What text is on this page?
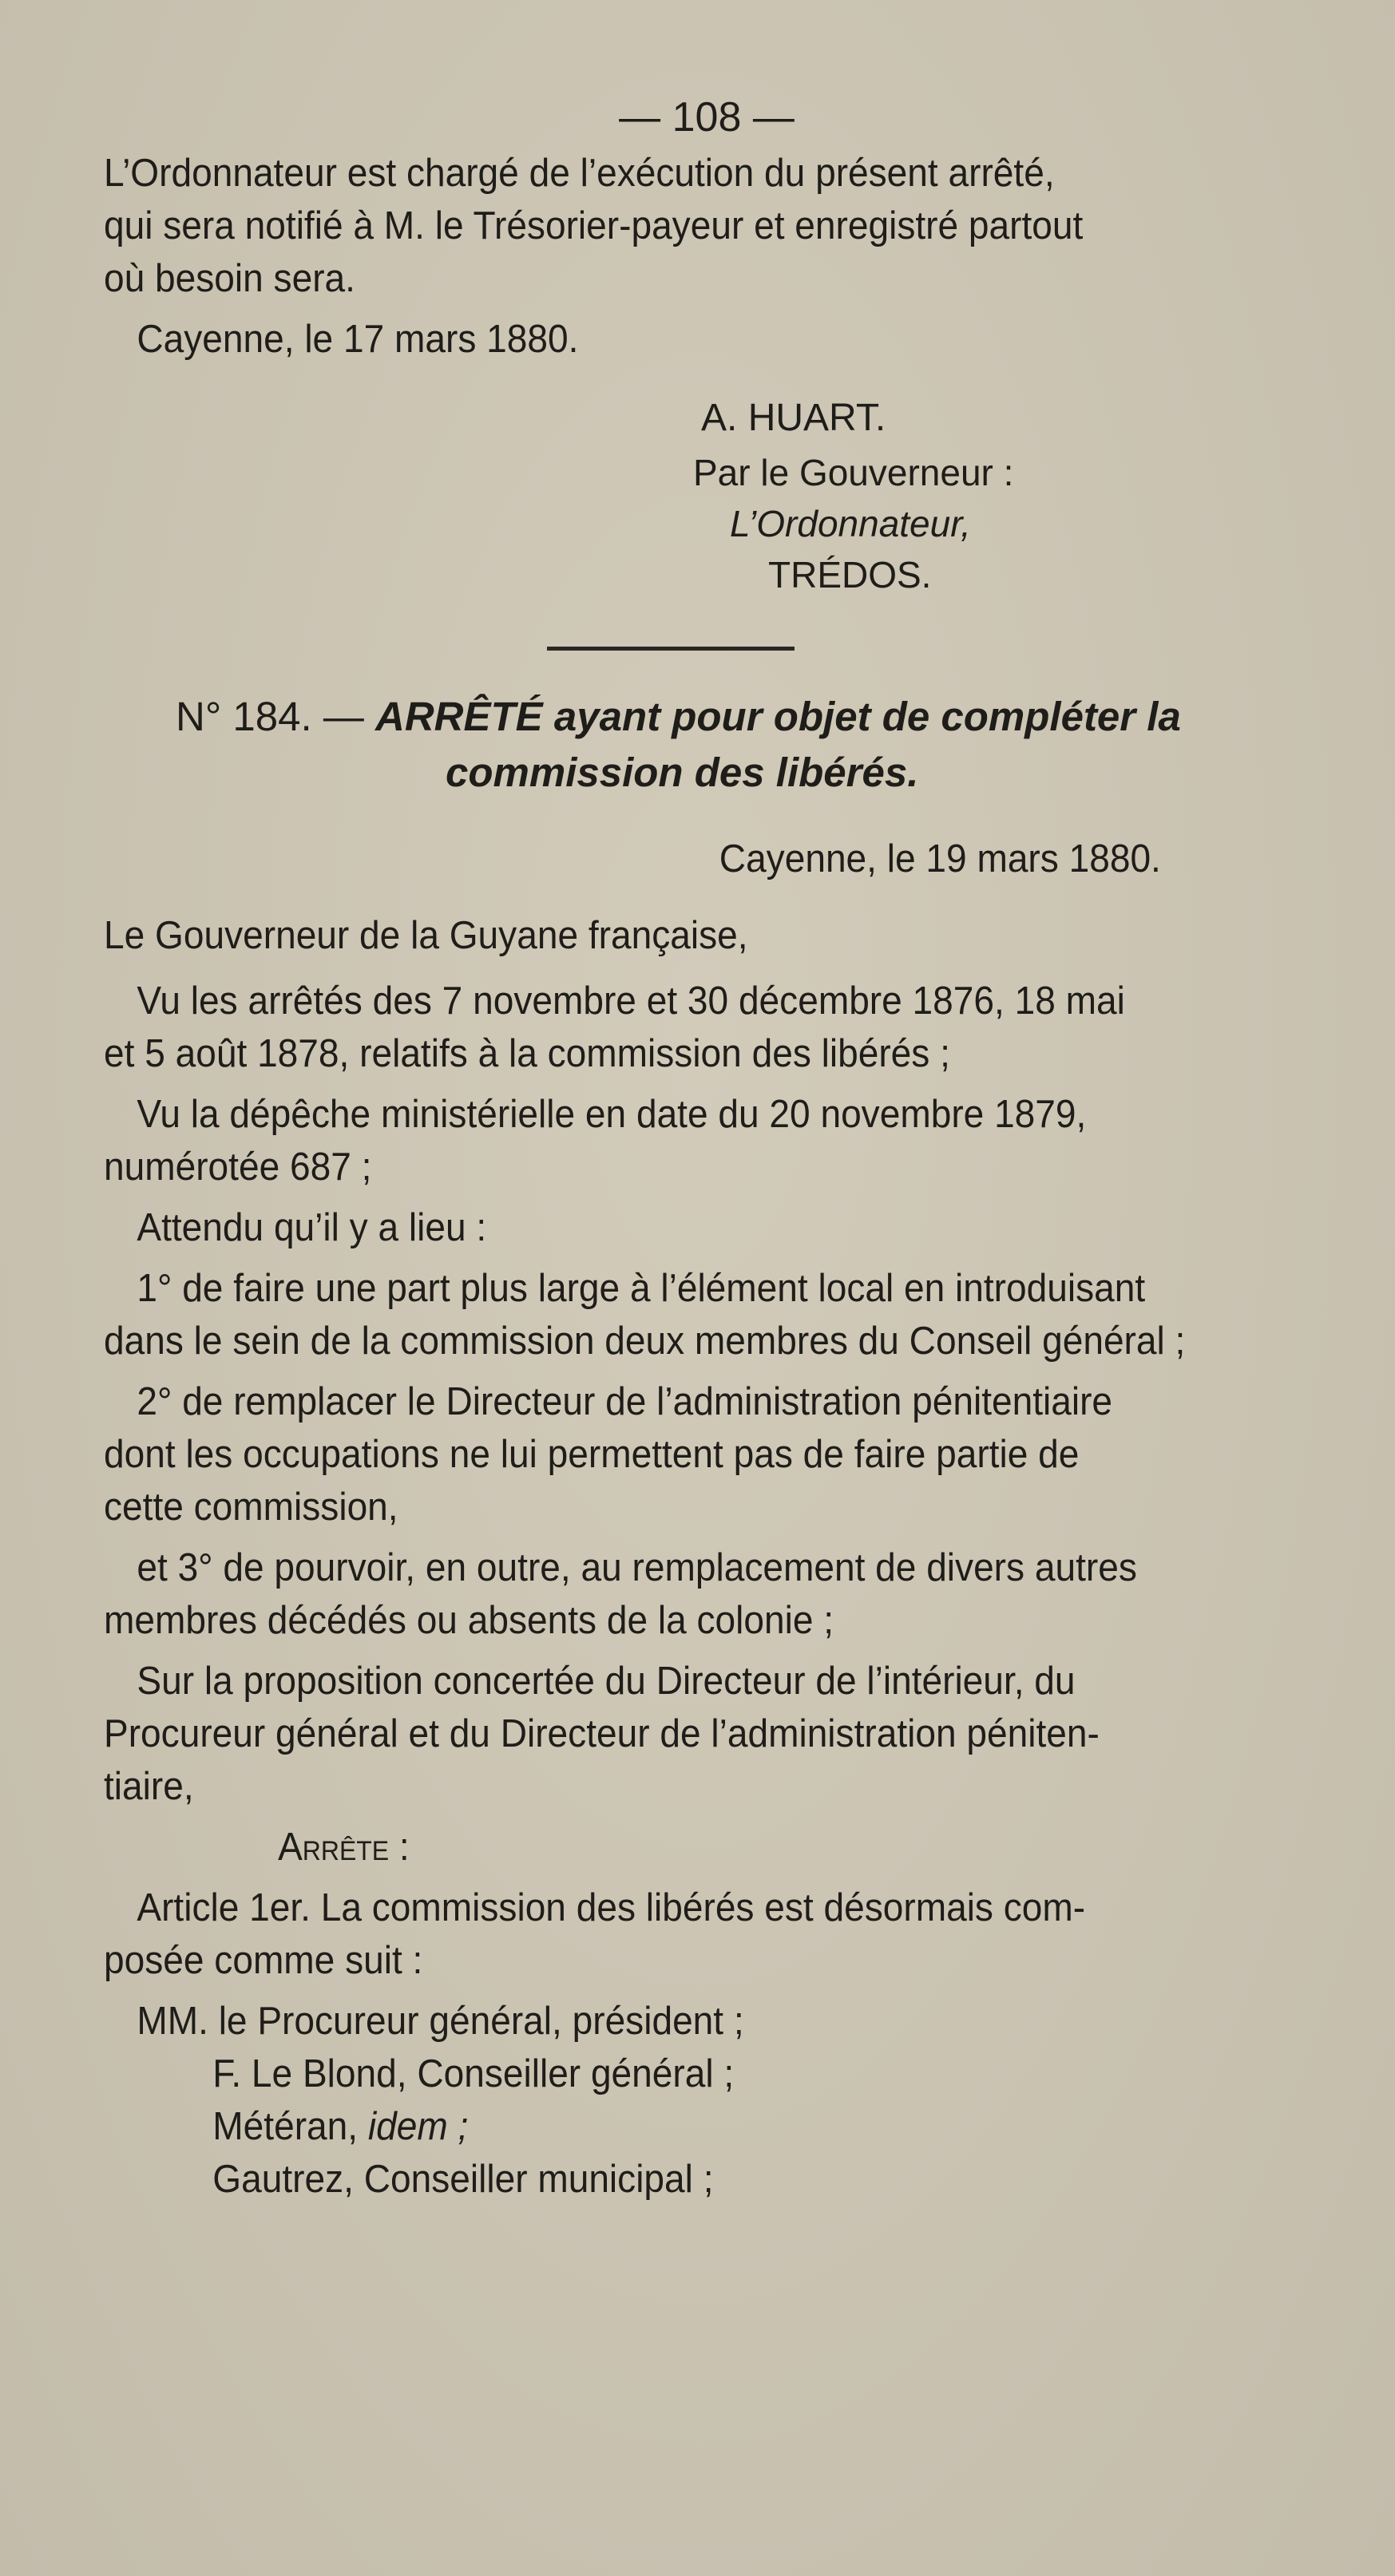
— 108 —
L’Ordonnateur est chargé de l’exécution du présent arrêté,
qui sera notifié à M. le Trésorier-payeur et enregistré partout
où besoin sera.
Cayenne, le 17 mars 1880.
A. HUART.
Par le Gouverneur :
L’Ordonnateur,
TRÉDOS.
N° 184. — ARRÊTÉ ayant pour objet de compléter la
commission des libérés.
Cayenne, le 19 mars 1880.
Le Gouverneur de la Guyane française,
Vu les arrêtés des 7 novembre et 30 décembre 1876, 18 mai
et 5 août 1878, relatifs à la commission des libérés ;
Vu la dépêche ministérielle en date du 20 novembre 1879,
numérotée 687 ;
Attendu qu’il y a lieu :
1° de faire une part plus large à l’élément local en introduisant
dans le sein de la commission deux membres du Conseil général ;
2° de remplacer le Directeur de l’administration pénitentiaire
dont les occupations ne lui permettent pas de faire partie de
cette commission,
et 3° de pourvoir, en outre, au remplacement de divers autres
membres décédés ou absents de la colonie ;
Sur la proposition concertée du Directeur de l’intérieur, du
Procureur général et du Directeur de l’administration péniten-
tiaire,
Arrête :
Article 1er. La commission des libérés est désormais com-
posée comme suit :
MM. le Procureur général, président ;
F. Le Blond, Conseiller général ;
Météran, idem ;
Gautrez, Conseiller municipal ;
